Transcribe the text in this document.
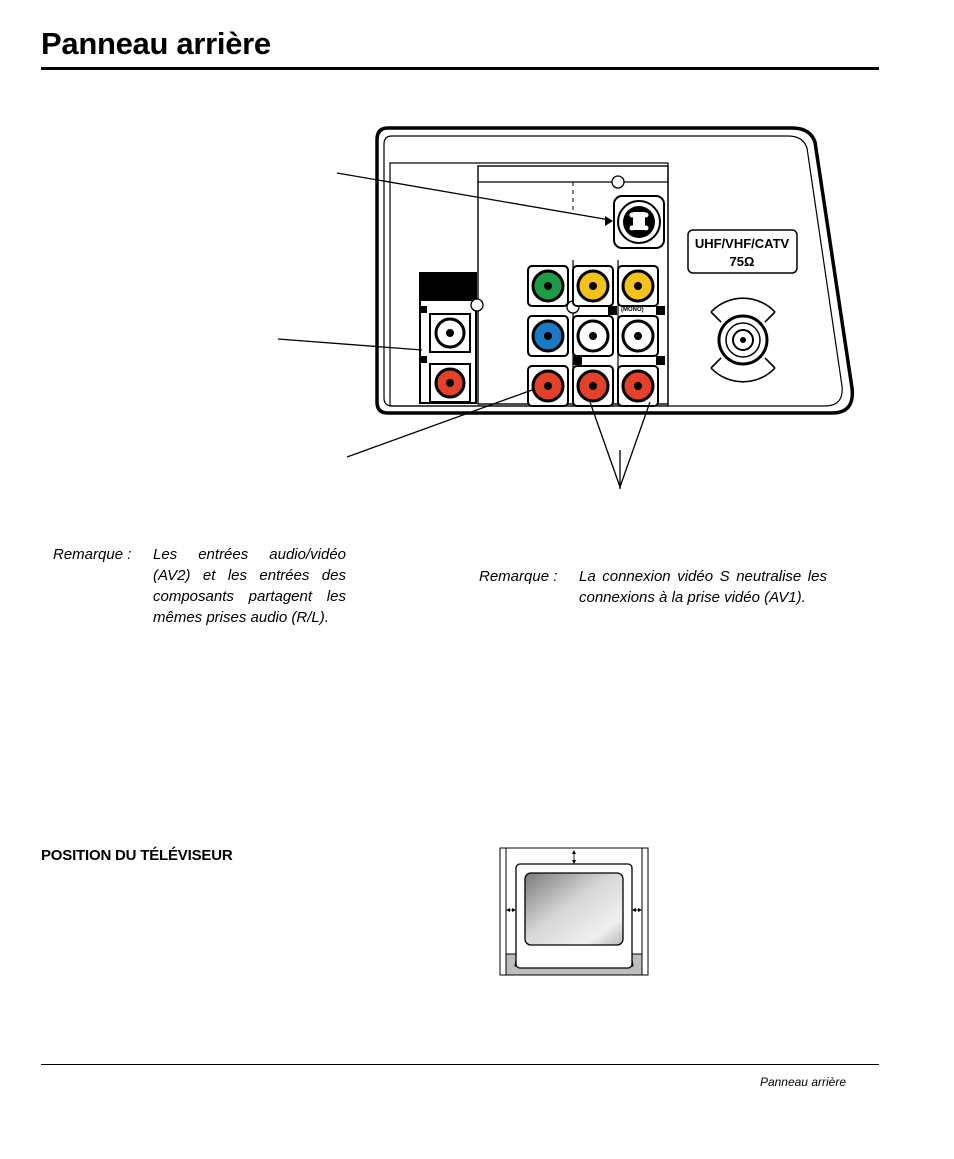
Panneau arrière
(MONO)
UHF/VHF/CATV
75Ω
Remarque : Les entrées audio/vidéo (AV2) et les entrées des composants partagent les mêmes prises audio (R/L).
Remarque : La connexion vidéo S neutralise les connexions à la prise vidéo (AV1).
POSITION DU TÉLÉVISEUR
Panneau arrière
